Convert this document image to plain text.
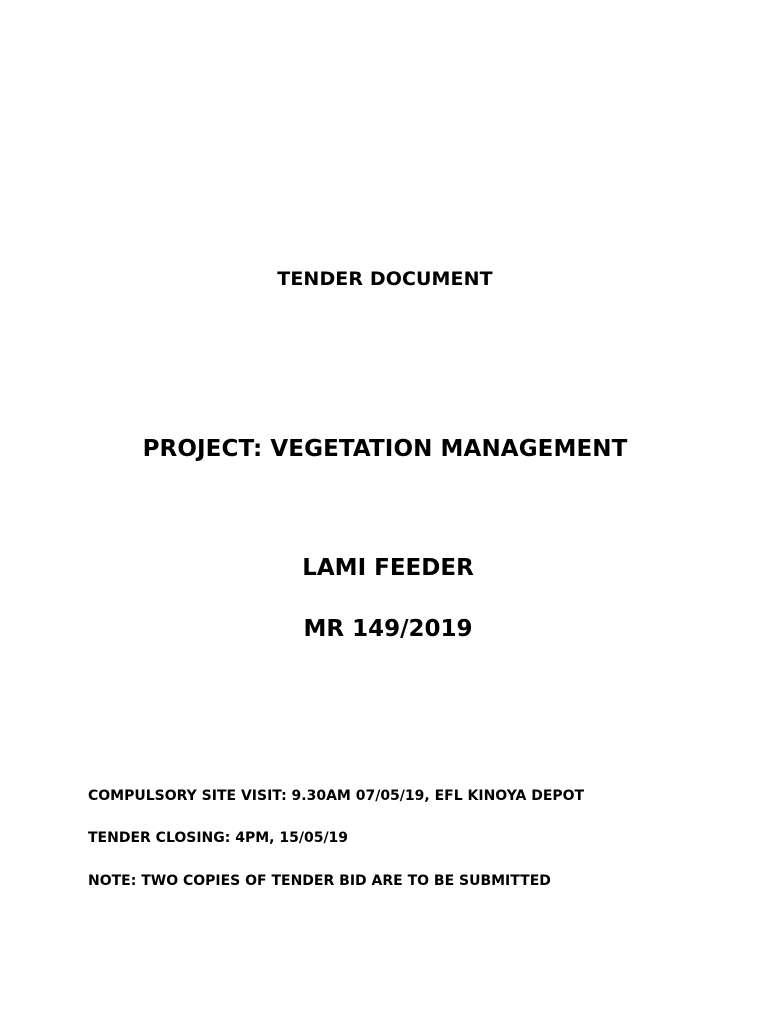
TENDER DOCUMENT
PROJECT: VEGETATION MANAGEMENT
LAMI FEEDER
MR 149/2019

COMPULSORY SITE VISIT: 9.30AM 07/05/19, EFL KINOYA DEPOT

TENDER CLOSING: 4PM, 15/05/19

NOTE: TWO COPIES OF TENDER BID ARE TO BE SUBMITTED
